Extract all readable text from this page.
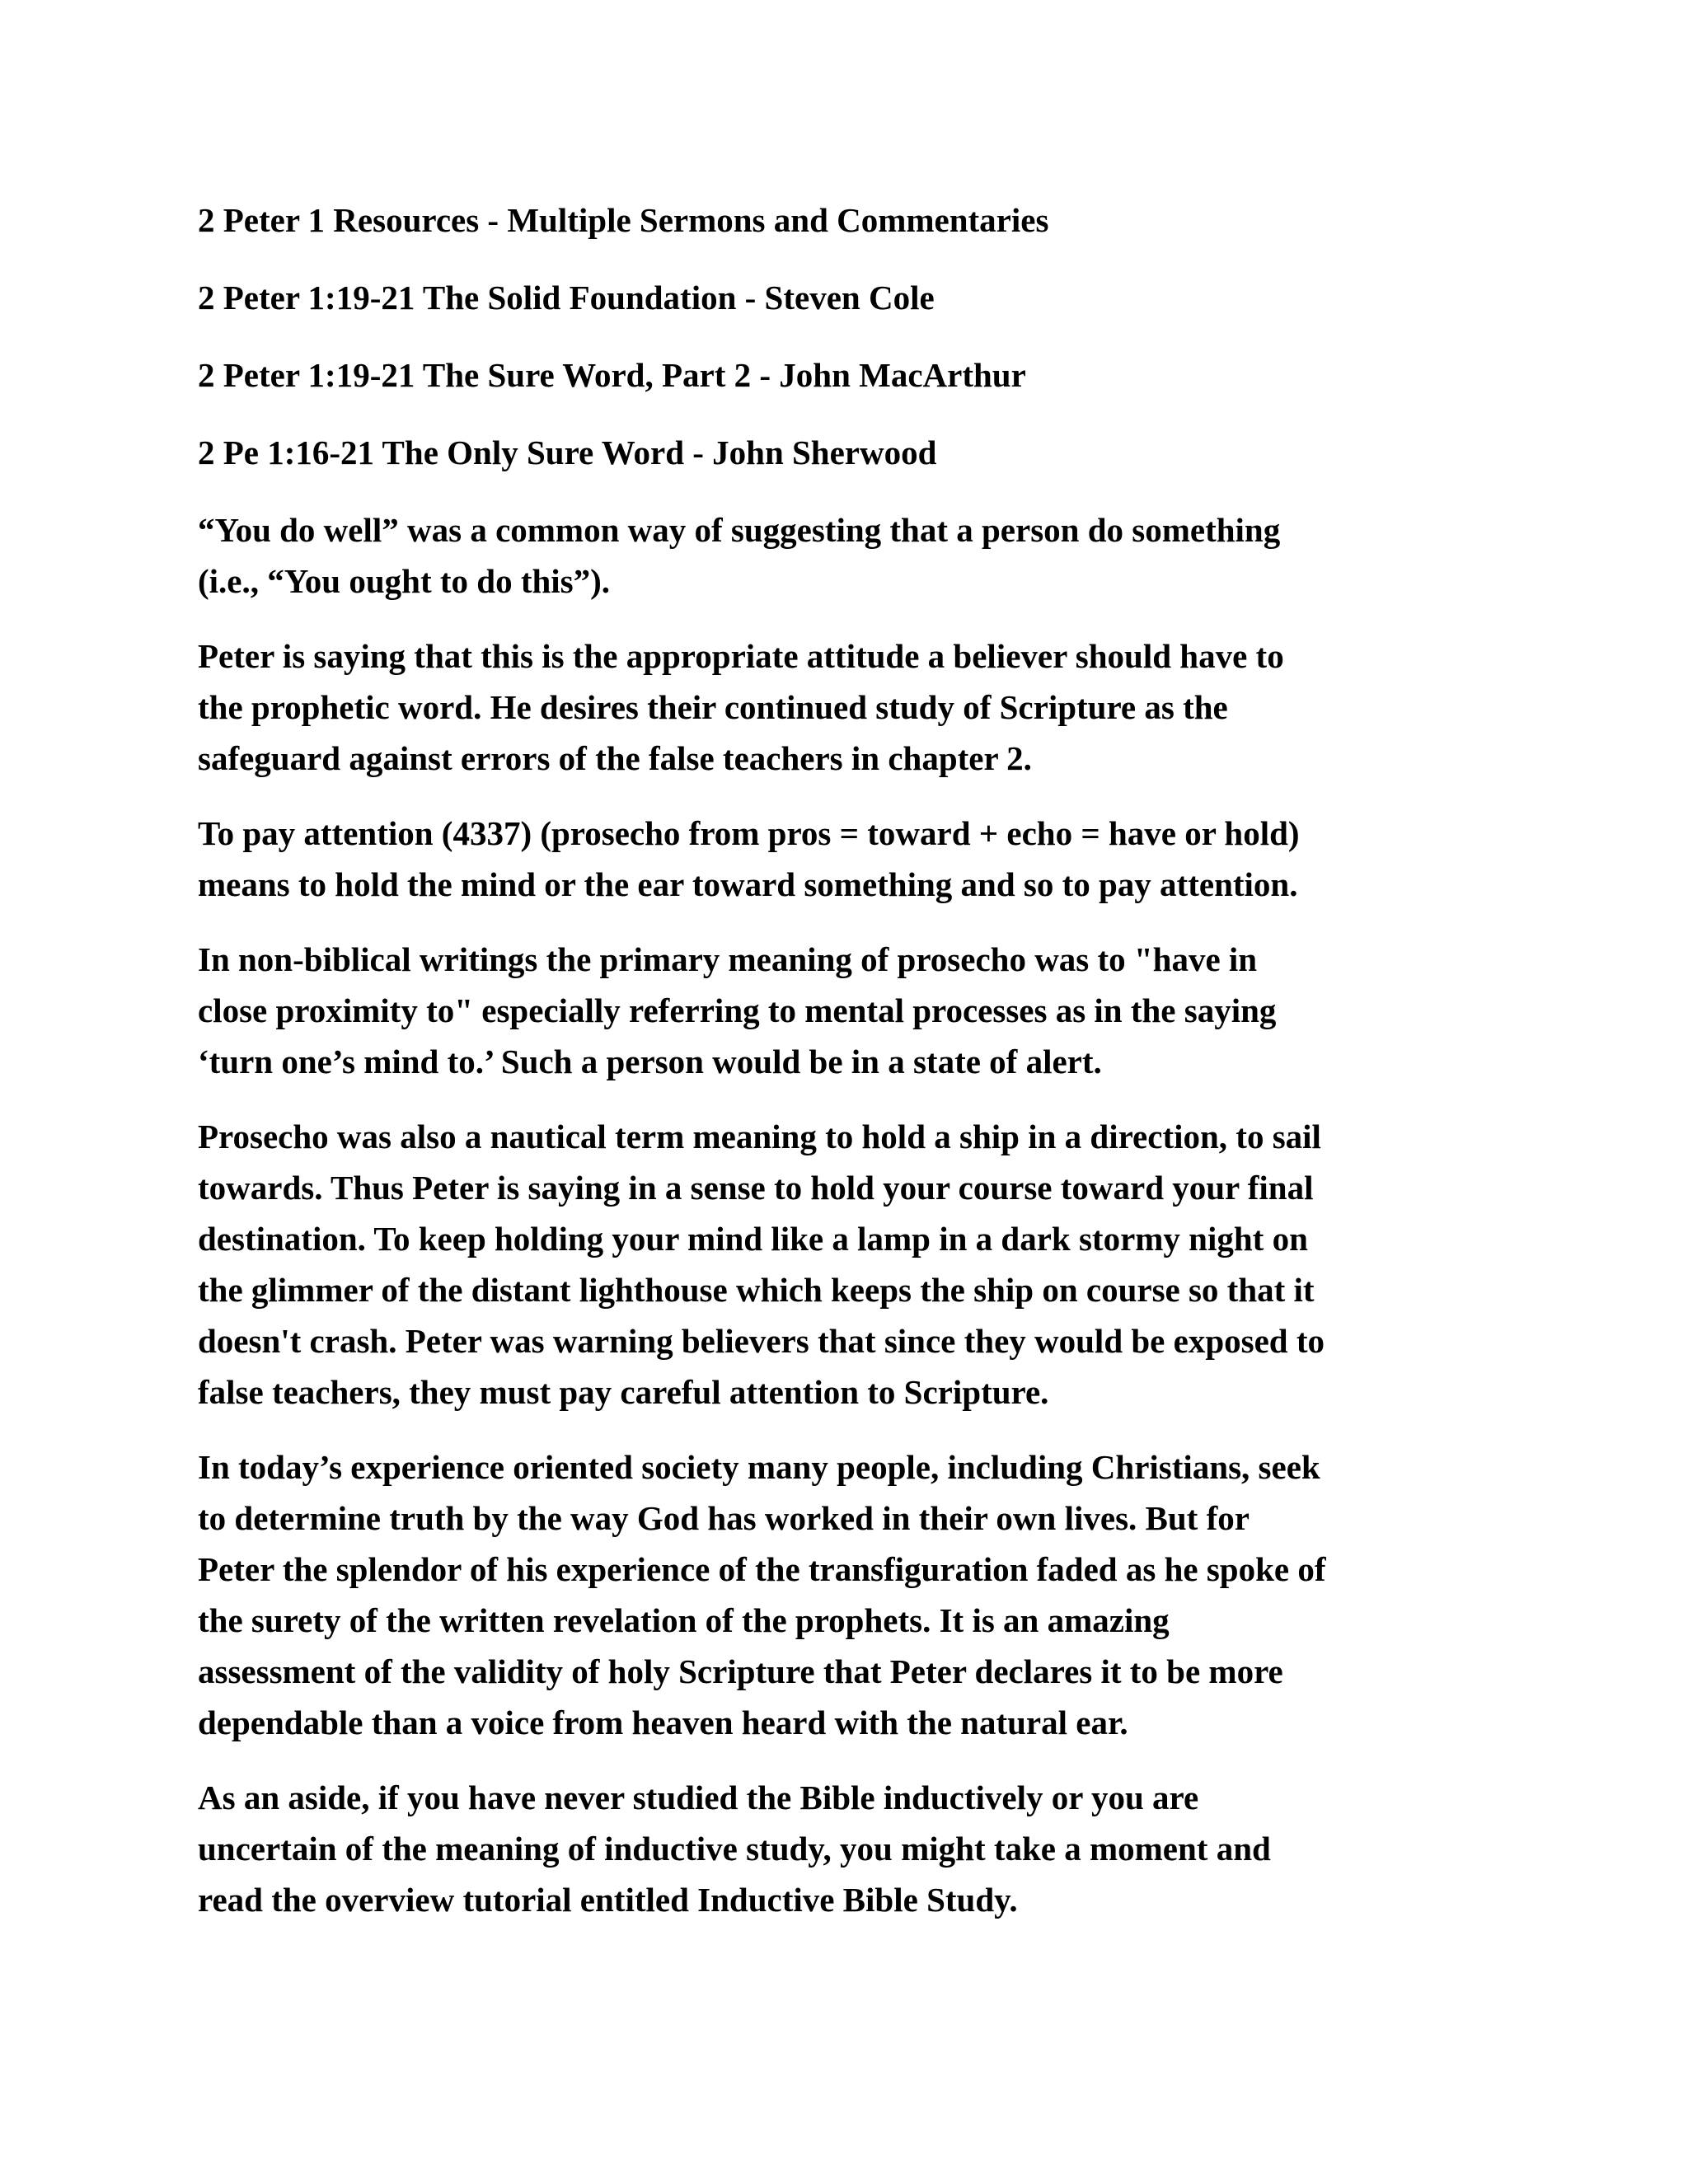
2 Peter 1 Resources - Multiple Sermons and Commentaries
2 Peter 1:19-21 The Solid Foundation - Steven Cole
2 Peter 1:19-21 The Sure Word, Part 2 - John MacArthur
2 Pe 1:16-21 The Only Sure Word - John Sherwood
“You do well” was a common way of suggesting that a person do something
(i.e., “You ought to do this”).
Peter is saying that this is the appropriate attitude a believer should have to
the prophetic word. He desires their continued study of Scripture as the
safeguard against errors of the false teachers in chapter 2.
To pay attention (4337) (prosecho from pros = toward + echo = have or hold)
means to hold the mind or the ear toward something and so to pay attention.
In non-biblical writings the primary meaning of prosecho was to "have in
close proximity to" especially referring to mental processes as in the saying
‘turn one’s mind to.’ Such a person would be in a state of alert.
Prosecho was also a nautical term meaning to hold a ship in a direction, to sail
towards. Thus Peter is saying in a sense to hold your course toward your final
destination. To keep holding your mind like a lamp in a dark stormy night on
the glimmer of the distant lighthouse which keeps the ship on course so that it
doesn't crash. Peter was warning believers that since they would be exposed to
false teachers, they must pay careful attention to Scripture.
In today’s experience oriented society many people, including Christians, seek
to determine truth by the way God has worked in their own lives. But for
Peter the splendor of his experience of the transfiguration faded as he spoke of
the surety of the written revelation of the prophets. It is an amazing
assessment of the validity of holy Scripture that Peter declares it to be more
dependable than a voice from heaven heard with the natural ear.
As an aside, if you have never studied the Bible inductively or you are
uncertain of the meaning of inductive study, you might take a moment and
read the overview tutorial entitled Inductive Bible Study.
